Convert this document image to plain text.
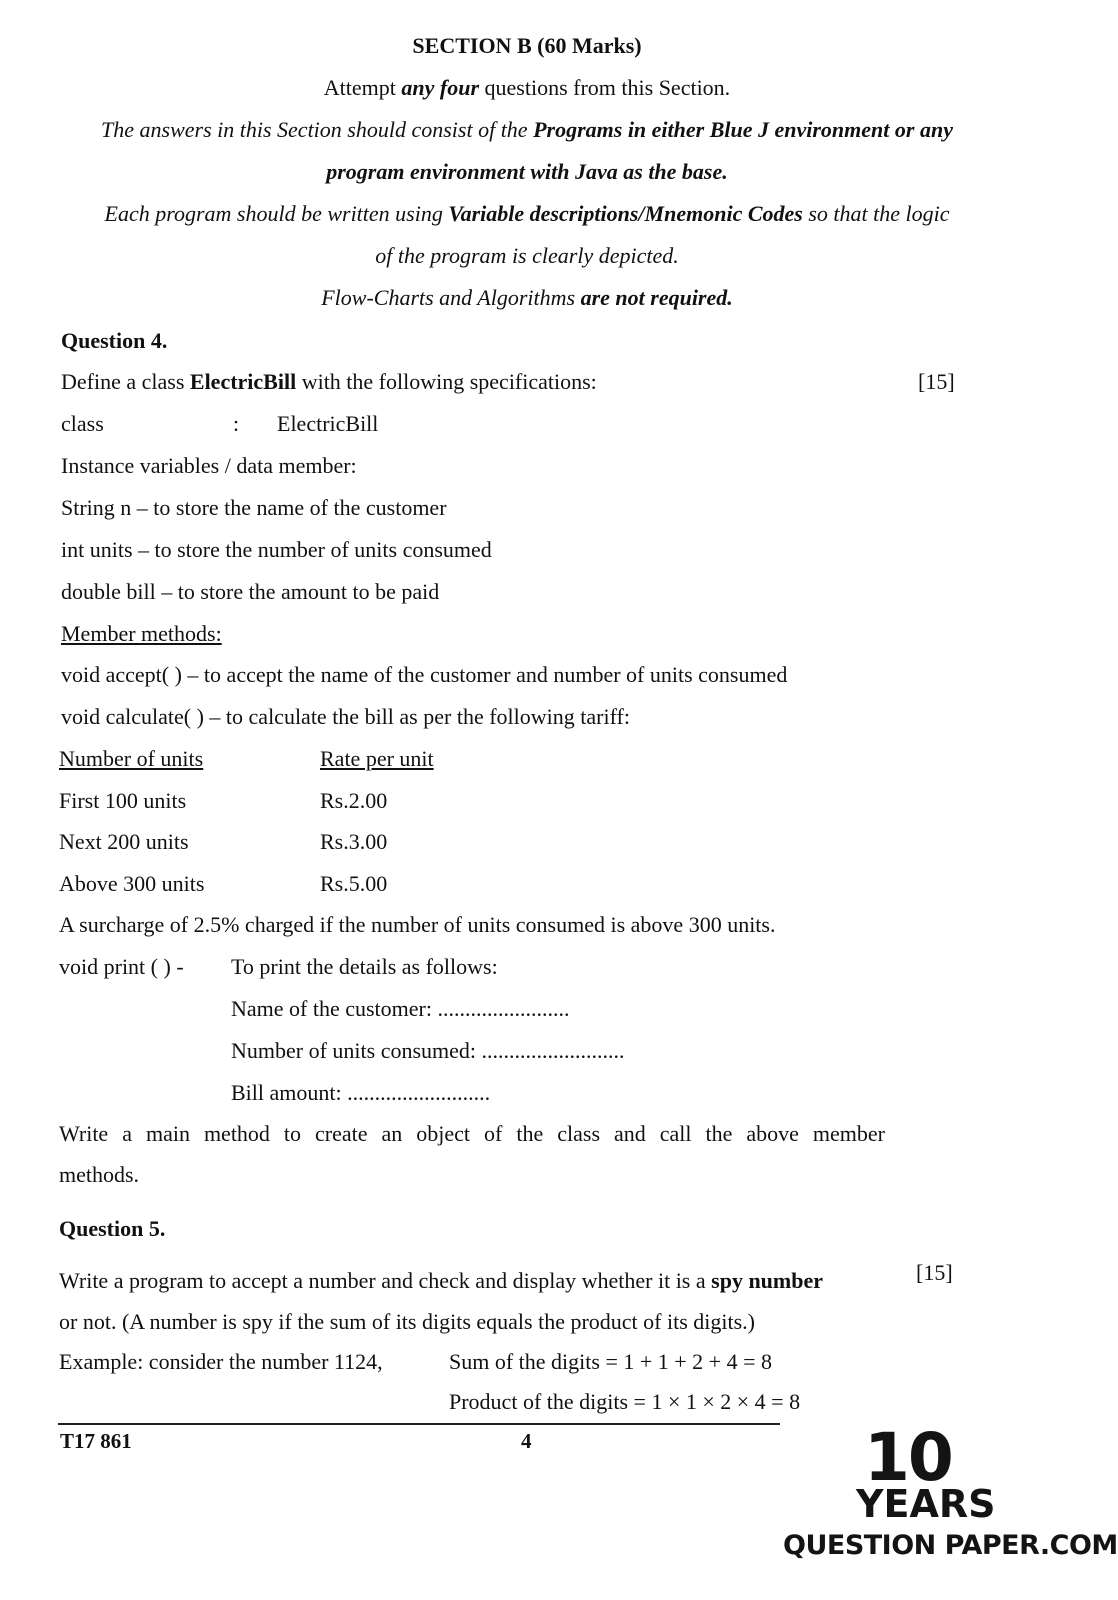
SECTION B (60 Marks)
Attempt any four questions from this Section.
The answers in this Section should consist of the Programs in either Blue J environment or any
program environment with Java as the base.
Each program should be written using Variable descriptions/Mnemonic Codes so that the logic
of the program is clearly depicted.
Flow-Charts and Algorithms are not required.
Question 4.
Define a class ElectricBill with the following specifications:	[15]
class	: ElectricBill
Instance variables / data member:
String n – to store the name of the customer
int units – to store the number of units consumed
double bill – to store the amount to be paid
Member methods:
void accept( ) – to accept the name of the customer and number of units consumed
void calculate( ) – to calculate the bill as per the following tariff:
Number of units	Rate per unit
First 100 units	Rs.2.00
Next 200 units	Rs.3.00
Above 300 units	Rs.5.00
A surcharge of 2.5% charged if the number of units consumed is above 300 units.
void print ( ) - To print the details as follows:
Name of the customer: ........................
Number of units consumed: ..........................
Bill amount: ..........................
Write a main method to create an object of the class and call the above member
methods.
Question 5.
Write a program to accept a number and check and display whether it is a spy number	[15]
or not. (A number is spy if the sum of its digits equals the product of its digits.)
Example: consider the number 1124,	Sum of the digits = 1 + 1 + 2 + 4 = 8
Product of the digits = 1 × 1 × 2 × 4 = 8
T17 861	4	10
YEARS
QUESTION PAPER.COM
